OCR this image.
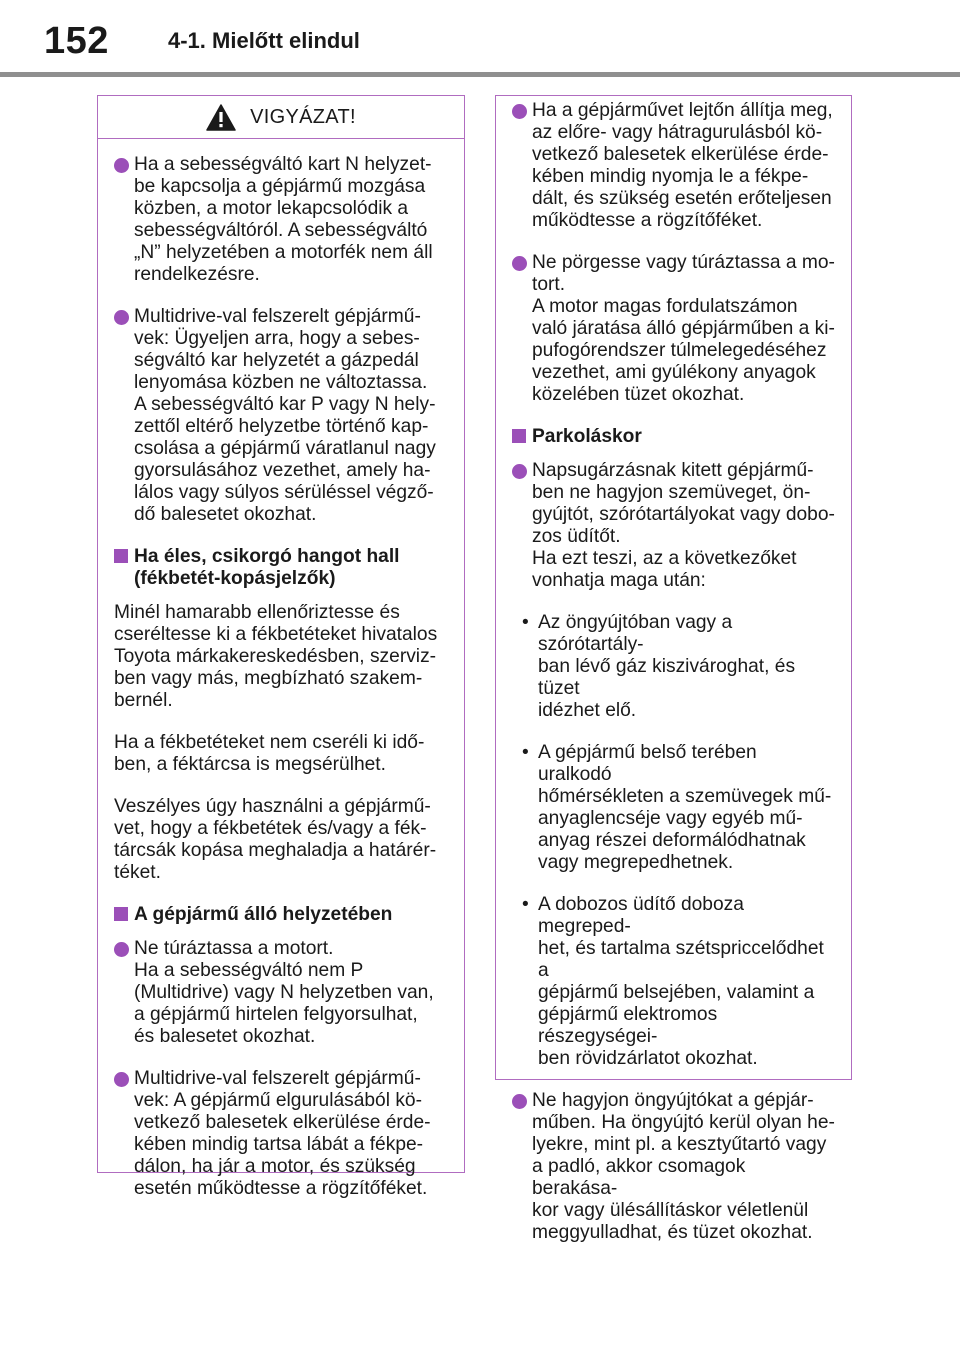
152	4-1. Mielőtt elindul
VIGYÁZAT!
Ha a sebességváltó kart N helyzet-
be kapcsolja a gépjármű mozgása
közben, a motor lekapcsolódik a
sebességváltóról. A sebességváltó
„N” helyzetében a motorfék nem áll
rendelkezésre.
Multidrive-val felszerelt gépjármű-
vek: Ügyeljen arra, hogy a sebes-
ségváltó kar helyzetét a gázpedál
lenyomása közben ne változtassa.
A sebességváltó kar P vagy N hely-
zettől eltérő helyzetbe történő kap-
csolása a gépjármű váratlanul nagy
gyorsulásához vezethet, amely ha-
lálos vagy súlyos sérüléssel végző-
dő balesetet okozhat.
Ha éles, csikorgó hangot hall
(fékbetét-kopásjelzők)
Minél hamarabb ellenőriztesse és
cseréltesse ki a fékbetéteket hivatalos
Toyota márkakereskedésben, szerviz-
ben vagy más, megbízható szakem-
bernél.
Ha a fékbetéteket nem cseréli ki idő-
ben, a féktárcsa is megsérülhet.
Veszélyes úgy használni a gépjármű-
vet, hogy a fékbetétek és/vagy a fék-
tárcsák kopása meghaladja a határér-
téket.
A gépjármű álló helyzetében
Ne túráztassa a motort.
Ha a sebességváltó nem P
(Multidrive) vagy N helyzetben van,
a gépjármű hirtelen felgyorsulhat,
és balesetet okozhat.
Multidrive-val felszerelt gépjármű-
vek: A gépjármű elgurulásából kö-
vetkező balesetek elkerülése érde-
kében mindig tartsa lábát a fékpe-
dálon, ha jár a motor, és szükség
esetén működtesse a rögzítőféket.
Ha a gépjárművet lejtőn állítja meg,
az előre- vagy hátragurulásból kö-
vetkező balesetek elkerülése érde-
kében mindig nyomja le a fékpe-
dált, és szükség esetén erőteljesen
működtesse a rögzítőféket.
Ne pörgesse vagy túráztassa a mo-
tort.
A motor magas fordulatszámon
való járatása álló gépjárműben a ki-
pufogórendszer túlmelegedéséhez
vezethet, ami gyúlékony anyagok
közelében tüzet okozhat.
Parkoláskor
Napsugárzásnak kitett gépjármű-
ben ne hagyjon szemüveget, ön-
gyújtót, szórótartályokat vagy dobo-
zos üdítőt.
Ha ezt teszi, az a következőket
vonhatja maga után:
• Az öngyújtóban vagy a szórótartály-
ban lévő gáz kiszivároghat, és tüzet
idézhet elő.
• A gépjármű belső terében uralkodó
hőmérsékleten a szemüvegek mű-
anyaglencséje vagy egyéb mű-
anyag részei deformálódhatnak
vagy megrepedhetnek.
• A dobozos üdítő doboza megreped-
het, és tartalma szétspriccelődhet a
gépjármű belsejében, valamint a
gépjármű elektromos részegységei-
ben rövidzárlatot okozhat.
Ne hagyjon öngyújtókat a gépjár-
műben. Ha öngyújtó kerül olyan he-
lyekre, mint pl. a kesztyűtartó vagy
a padló, akkor csomagok berakása-
kor vagy ülésállításkor véletlenül
meggyulladhat, és tüzet okozhat.
